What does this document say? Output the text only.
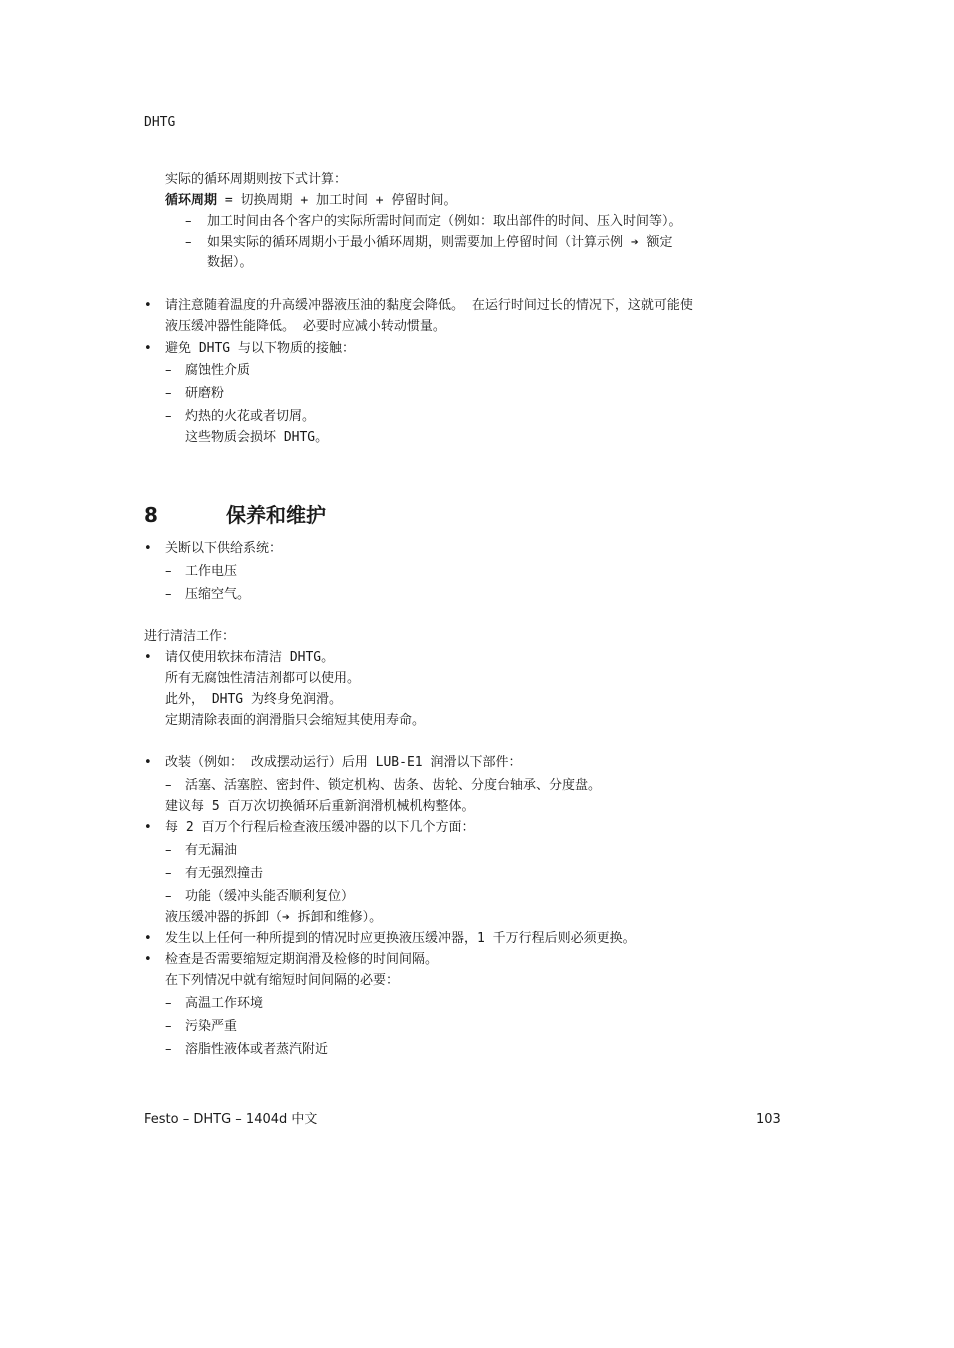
DHTG
实际的循环周期则按下式计算：
循环周期 = 切换周期 + 加工时间 + 停留时间。
– 加工时间由各个客户的实际所需时间而定（例如：取出部件的时间、压入时间等）。
– 如果实际的循环周期小于最小循环周期，则需要加上停留时间（计算示例 ➔ 额定
数据）。
• 请注意随着温度的升高缓冲器液压油的黏度会降低。 在运行时间过长的情况下，这就可能使
液压缓冲器性能降低。 必要时应减小转动惯量。
• 避免 DHTG 与以下物质的接触：
– 腐蚀性介质
– 研磨粉
– 灼热的火花或者切屑。
这些物质会损坏 DHTG。
8	保养和维护
• 关断以下供给系统：
– 工作电压
– 压缩空气。
进行清洁工作：
• 请仅使用软抹布清洁 DHTG。
所有无腐蚀性清洁剂都可以使用。
此外， DHTG 为终身免润滑。
定期清除表面的润滑脂只会缩短其使用寿命。
• 改装（例如： 改成摆动运行）后用 LUB-E1 润滑以下部件：
– 活塞、活塞腔、密封件、锁定机构、齿条、齿轮、分度台轴承、分度盘。
建议每 5 百万次切换循环后重新润滑机械机构整体。
• 每 2 百万个行程后检查液压缓冲器的以下几个方面：
– 有无漏油
– 有无强烈撞击
– 功能（缓冲头能否顺利复位）
液压缓冲器的拆卸（➔ 拆卸和维修）。
• 发生以上任何一种所提到的情况时应更换液压缓冲器，1 千万行程后则必须更换。
• 检查是否需要缩短定期润滑及检修的时间间隔。
在下列情况中就有缩短时间间隔的必要：
– 高温工作环境
– 污染严重
– 溶脂性液体或者蒸汽附近
Festo – DHTG – 1404d 中文	103
